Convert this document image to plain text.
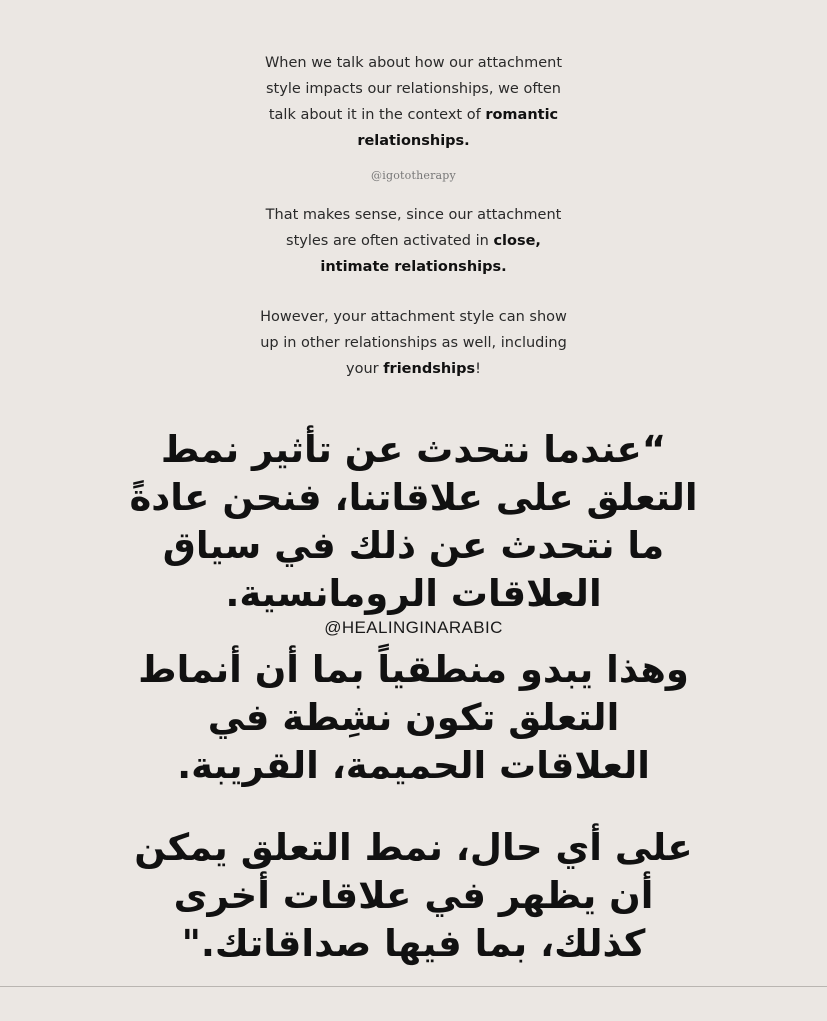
When we talk about how our attachment
style impacts our relationships, we often
talk about it in the context of romantic
relationships.
@igototherapy
That makes sense, since our attachment
styles are often activated in close,
intimate relationships.
However, your attachment style can show
up in other relationships as well, including
your friendships!
“عندما نتحدث عن تأثير نمط
التعلق على علاقاتنا، فنحن عادةً
ما نتحدث عن ذلك في سياق
العلاقات الرومانسية.
@HEALINGINARABIC
وهذا يبدو منطقياً بما أن أنماط
التعلق تكون نشِطة في
العلاقات الحميمة، القريبة.
على أي حال، نمط التعلق يمكن
أن يظهر في علاقات أخرى
كذلك، بما فيها صداقاتك."
